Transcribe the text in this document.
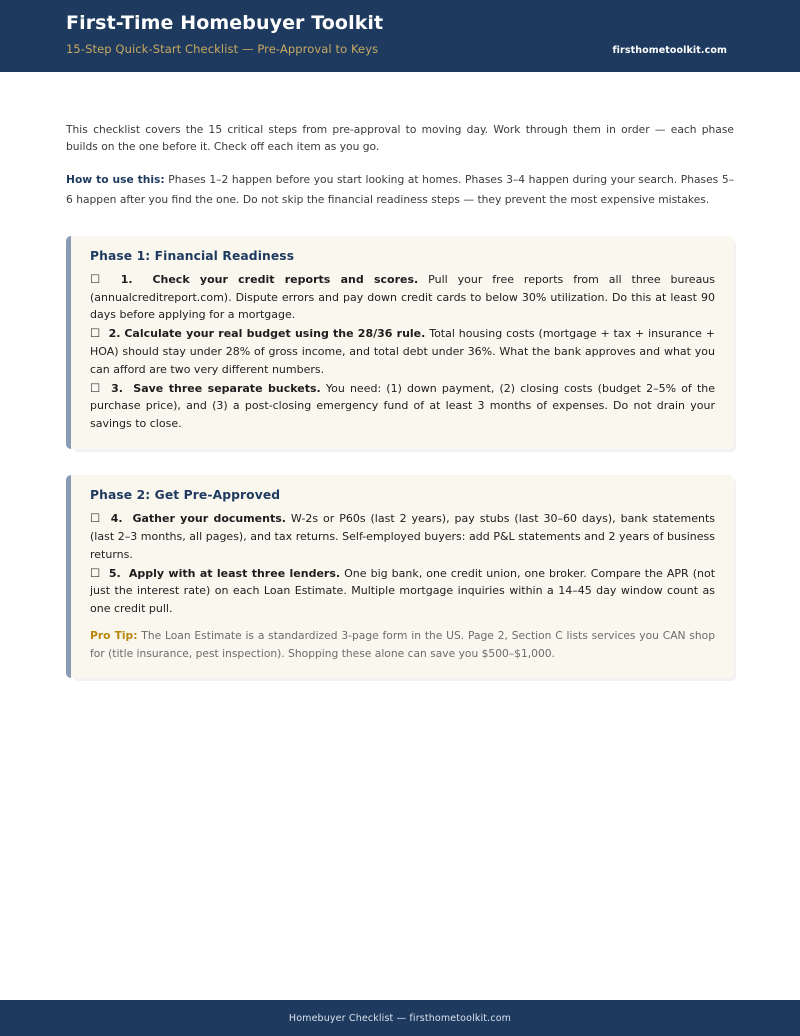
First-Time Homebuyer Toolkit
15-Step Quick-Start Checklist — Pre-Approval to Keys	firsthometoolkit.com

This checklist covers the 15 critical steps from pre-approval to moving day. Work through them in order — each phase builds on the one before it. Check off each item as you go.

How to use this: Phases 1–2 happen before you start looking at homes. Phases 3–4 happen during your search. Phases 5–6 happen after you find the one. Do not skip the financial readiness steps — they prevent the most expensive mistakes.

Phase 1: Financial Readiness

☐ 1. Check your credit reports and scores. Pull your free reports from all three bureaus (annualcreditreport.com). Dispute errors and pay down credit cards to below 30% utilization. Do this at least 90 days before applying for a mortgage.

☐ 2. Calculate your real budget using the 28/36 rule. Total housing costs (mortgage + tax + insurance + HOA) should stay under 28% of gross income, and total debt under 36%. What the bank approves and what you can afford are two very different numbers.

☐ 3. Save three separate buckets. You need: (1) down payment, (2) closing costs (budget 2–5% of the purchase price), and (3) a post-closing emergency fund of at least 3 months of expenses. Do not drain your savings to close.

Phase 2: Get Pre-Approved

☐ 4. Gather your documents. W-2s or P60s (last 2 years), pay stubs (last 30–60 days), bank statements (last 2–3 months, all pages), and tax returns. Self-employed buyers: add P&L statements and 2 years of business returns.

☐ 5. Apply with at least three lenders. One big bank, one credit union, one broker. Compare the APR (not just the interest rate) on each Loan Estimate. Multiple mortgage inquiries within a 14–45 day window count as one credit pull.

Pro Tip: The Loan Estimate is a standardized 3-page form in the US. Page 2, Section C lists services you CAN shop for (title insurance, pest inspection). Shopping these alone can save you $500–$1,000.

Homebuyer Checklist — firsthometoolkit.com
